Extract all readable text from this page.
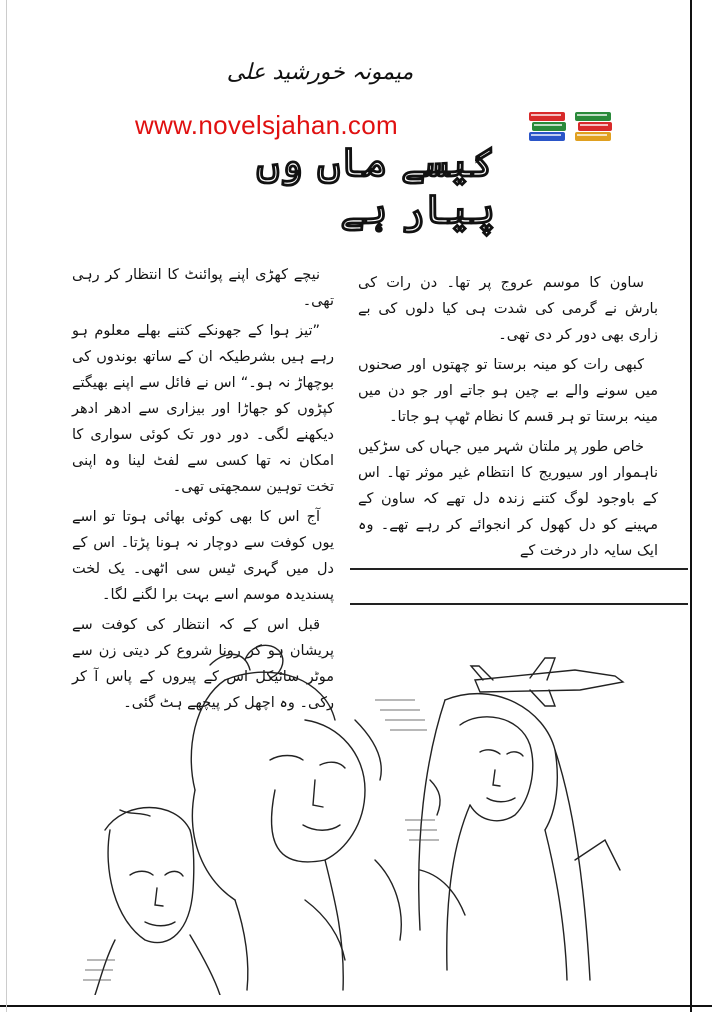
میمونہ خورشید علی
www.novelsjahan.com
کیسے ماں وں پیار ہے

ساون کا موسم عروج پر تھا۔ دن رات کی بارش نے گرمی کی شدت ہی کیا دلوں کی بے زاری بھی دور کر دی تھی۔

کبھی رات کو مینہ برستا تو چھتوں اور صحنوں میں سونے والے بے چین ہو جاتے اور جو دن میں مینہ برستا تو ہر قسم کا نظام ٹھپ ہو جاتا۔

خاص طور پر ملتان شہر میں جہاں کی سڑکیں ناہموار اور سیوریج کا انتظام غیر موثر تھا۔ اس کے باوجود لوگ کتنے زندہ دل تھے کہ ساون کے مہینے کو دل کھول کر انجوائے کر رہے تھے۔ وہ ایک سایہ دار درخت کے

نیچے کھڑی اپنے پوائنٹ کا انتظار کر رہی تھی۔

”تیز ہوا کے جھونکے کتنے بھلے معلوم ہو رہے ہیں بشرطیکہ ان کے ساتھ بوندوں کی بوچھاڑ نہ ہو۔“ اس نے فائل سے اپنے بھیگتے کپڑوں کو جھاڑا اور بیزاری سے ادھر ادھر دیکھنے لگی۔ دور دور تک کوئی سواری کا امکان نہ تھا کسی سے لفٹ لینا وہ اپنی تخت توہین سمجھتی تھی۔

آج اس کا بھی کوئی بھائی ہوتا تو اسے یوں کوفت سے دوچار نہ ہونا پڑتا۔ اس کے دل میں گہری ٹیس سی اٹھی۔ یک لخت پسندیدہ موسم اسے بہت برا لگنے لگا۔

قبل اس کے کہ انتظار کی کوفت سے پریشان ہو کر رونا شروع کر دیتی زن سے موٹر سائیکل اس کے پیروں کے پاس آ کر رکی۔ وہ اچھل کر پیچھے ہٹ گئی۔
